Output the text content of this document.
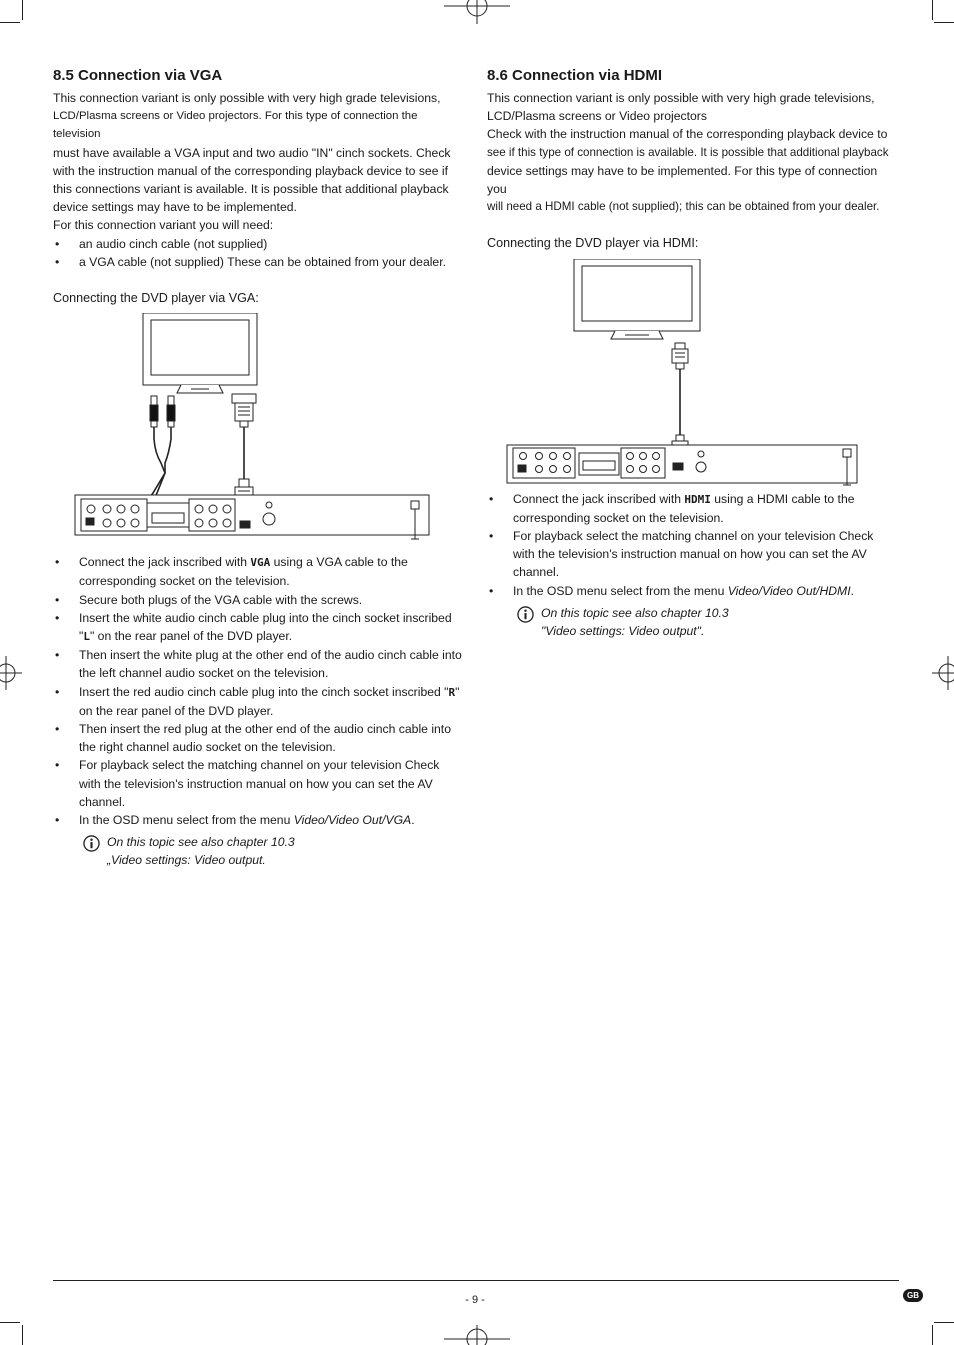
8.5 Connection via VGA

This connection variant is only possible with very high grade televisions,

LCD/Plasma screens or Video projectors. For this type of connection the television

must have available a VGA input and two audio "IN" cinch sockets. Check

with the instruction manual of the corresponding playback device to see if

this connections variant is available. It is possible that additional playback

device settings may have to be implemented.

For this connection variant you will need:

• an audio cinch cable (not supplied)
• a VGA cable (not supplied) These can be obtained from your dealer.

Connecting the DVD player via VGA:

• Connect the jack inscribed with VGA using a VGA cable to the corresponding socket on the television.
• Secure both plugs of the VGA cable with the screws.
• Insert the white audio cinch cable plug into the cinch socket inscribed "L" on the rear panel of the DVD player.
• Then insert the white plug at the other end of the audio cinch cable into the left channel audio socket on the television.
• Insert the red audio cinch cable plug into the cinch socket inscribed "R" on the rear panel of the DVD player.
• Then insert the red plug at the other end of the audio cinch cable into the right channel audio socket on the television.
• For playback select the matching channel on your television Check with the television's instruction manual on how you can set the AV channel.
• In the OSD menu select from the menu Video/Video Out/VGA.

On this topic see also chapter 10.3

„Video settings: Video output.

8.6 Connection via HDMI

This connection variant is only possible with very high grade televisions,

LCD/Plasma screens or Video projectors

Check with the instruction manual of the corresponding playback device to

see if this type of connection is available. It is possible that additional playback

device settings may have to be implemented. For this type of connection you

will need a HDMI cable (not supplied); this can be obtained from your dealer.

Connecting the DVD player via HDMI:

• Connect the jack inscribed with HDMI using a HDMI cable to the corresponding socket on the television.
• For playback select the matching channel on your television Check with the television's instruction manual on how you can set the AV channel.
• In the OSD menu select from the menu Video/Video Out/HDMI.

On this topic see also chapter 10.3

"Video settings: Video output".

- 9 -	GB
